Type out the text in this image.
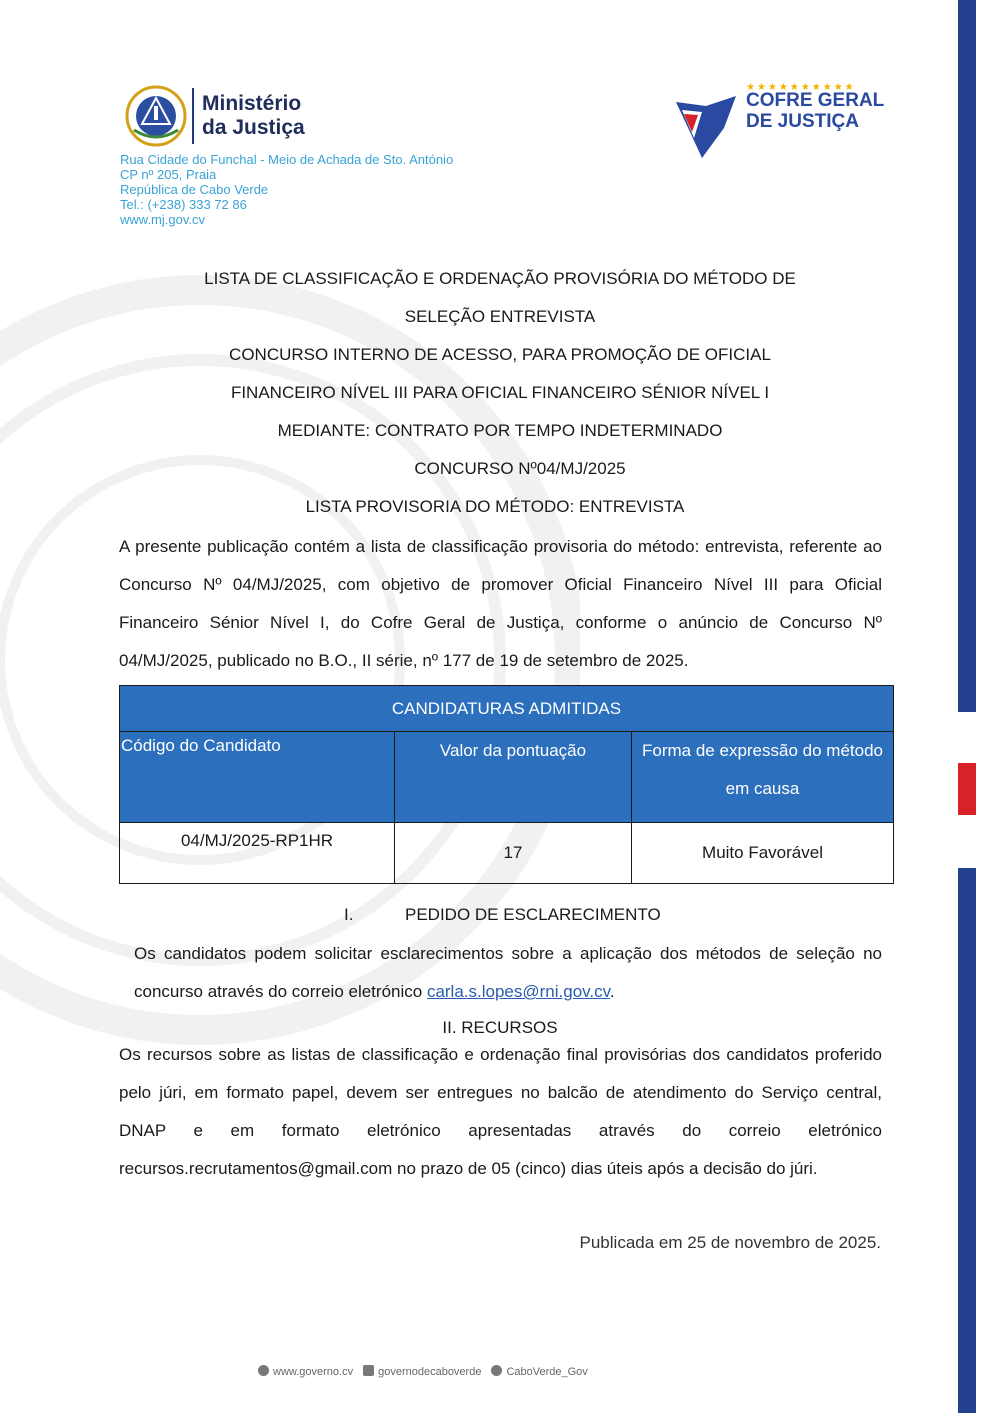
Ministério
da Justiça
★★★★★★★★★★
COFRE GERAL
DE JUSTIÇA
Rua Cidade do Funchal - Meio de Achada de Sto. António
CP nº 205, Praia
República de Cabo Verde
Tel.: (+238) 333 72 86
www.mj.gov.cv
LISTA DE CLASSIFICAÇÃO E ORDENAÇÃO PROVISÓRIA DO MÉTODO DE
SELEÇÃO ENTREVISTA
CONCURSO INTERNO DE ACESSO, PARA PROMOÇÃO DE OFICIAL
FINANCEIRO NÍVEL III PARA OFICIAL FINANCEIRO SÉNIOR NÍVEL I
MEDIANTE: CONTRATO POR TEMPO INDETERMINADO
CONCURSO Nº04/MJ/2025
LISTA PROVISORIA DO MÉTODO: ENTREVISTA
A presente publicação contém a lista de classificação provisoria do método: entrevista, referente ao Concurso Nº 04/MJ/2025, com objetivo de promover Oficial Financeiro Nível III para Oficial Financeiro Sénior Nível I, do Cofre Geral de Justiça, conforme o anúncio de Concurso Nº 04/MJ/2025, publicado no B.O., II série, nº 177 de 19 de setembro de 2025.
CANDIDATURAS ADMITIDAS		
Código do Candidato	Valor da pontuação	Forma de expressão do método em causa
04/MJ/2025-RP1HR	17	Muito Favorável
I.	PEDIDO DE ESCLARECIMENTO
Os candidatos podem solicitar esclarecimentos sobre a aplicação dos métodos de seleção no concurso através do correio eletrónico carla.s.lopes@rni.gov.cv.
II. RECURSOS
Os recursos sobre as listas de classificação e ordenação final provisórias dos candidatos proferido pelo júri, em formato papel, devem ser entregues no balcão de atendimento do Serviço central, DNAP e em formato eletrónico apresentadas através do correio eletrónico recursos.recrutamentos@gmail.com no prazo de 05 (cinco) dias úteis após a decisão do júri.
Publicada em 25 de novembro de 2025.
www.governo.cv	governodecaboverde	CaboVerde_Gov
